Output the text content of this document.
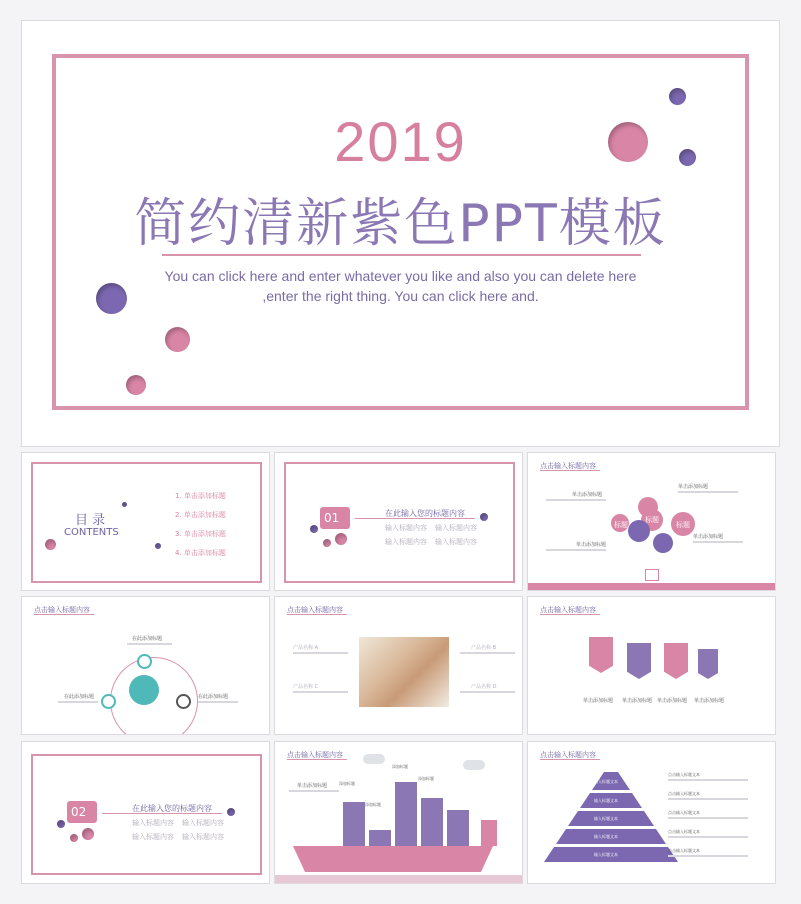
2019
简约清新紫色PPT模板
You can click here and enter whatever you like and also you can delete here
,enter the right thing. You can click here and.
目 录
CONTENTS
1. 单击添加标题
2. 单击添加标题
3. 单击添加标题
4. 单击添加标题
01	在此输入您的标题内容
输入标题内容 输入标题内容
输入标题内容 输入标题内容
点击输入标题内容
单击添加标题
单击添加标题
单击添加标题
单击添加标题
标题
标题
标题
点击输入标题内容
在此添加标题
在此添加标题	在此添加标题
点击输入标题内容
产品名称 A	产品名称 B
产品名称 C	产品名称 D
点击输入标题内容
单击添加标题 单击添加标题 单击添加标题 单击添加标题
02	在此输入您的标题内容
输入标题内容 输入标题内容
输入标题内容 输入标题内容
点击输入标题内容
单击添加标题	添加标题
添加标题
添加标题
添加标题
点击输入标题内容
输入标题文本
输入标题文本
输入标题文本
输入标题文本
输入标题文本
点击输入标题文本
点击输入标题文本
点击输入标题文本
点击输入标题文本
点击输入标题文本
